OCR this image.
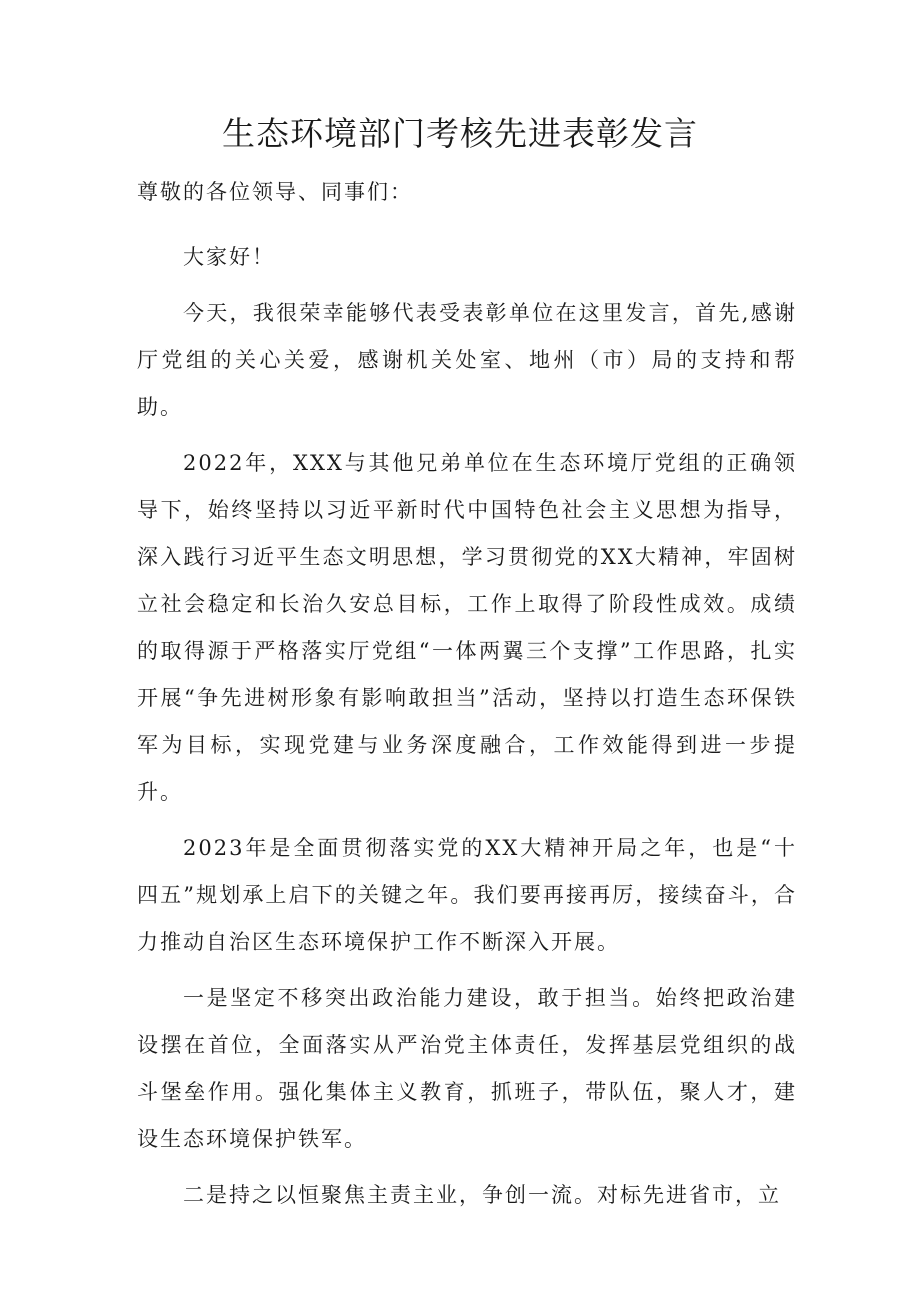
生态环境部门考核先进表彰发言

尊敬的各位领导、同事们：

大家好！

今天，我很荣幸能够代表受表彰单位在这里发言，首先,感谢厅党组的关心关爱，感谢机关处室、地州（市）局的支持和帮助。

2022年，XXX与其他兄弟单位在生态环境厅党组的正确领导下，始终坚持以习近平新时代中国特色社会主义思想为指导，深入践行习近平生态文明思想，学习贯彻党的XX大精神，牢固树立社会稳定和长治久安总目标，工作上取得了阶段性成效。成绩的取得源于严格落实厅党组“一体两翼三个支撑”工作思路，扎实开展“争先进树形象有影响敢担当”活动，坚持以打造生态环保铁军为目标，实现党建与业务深度融合，工作效能得到进一步提升。

2023年是全面贯彻落实党的XX大精神开局之年，也是“十四五”规划承上启下的关键之年。我们要再接再厉，接续奋斗，合力推动自治区生态环境保护工作不断深入开展。

一是坚定不移突出政治能力建设，敢于担当。始终把政治建设摆在首位，全面落实从严治党主体责任，发挥基层党组织的战斗堡垒作用。强化集体主义教育，抓班子，带队伍，聚人才，建设生态环境保护铁军。

二是持之以恒聚焦主责主业，争创一流。对标先进省市，立
